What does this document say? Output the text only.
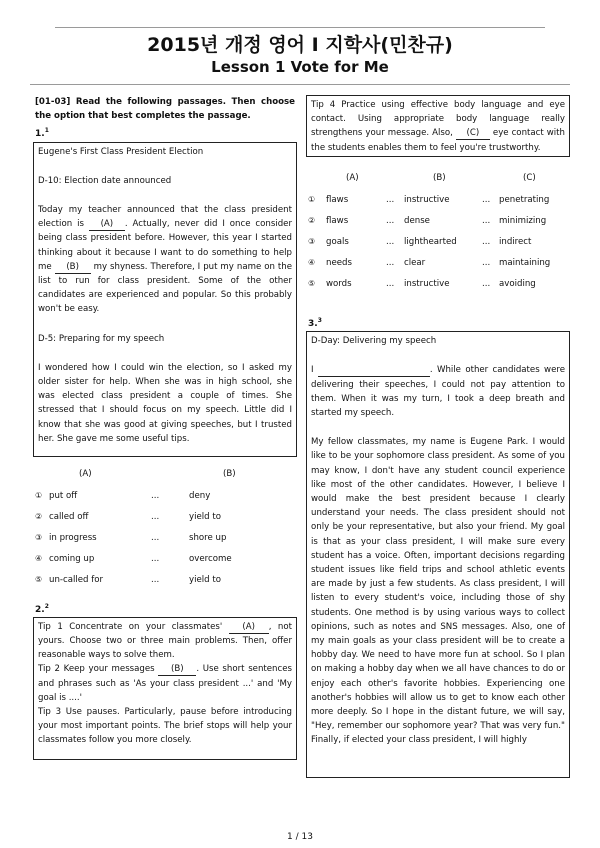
2015년 개정 영어 I 지학사(민찬규)
Lesson 1 Vote for Me
[01-03] Read the following passages. Then choose the option that best completes the passage.
1.$^1$

Eugene's First Class President Election

D-10: Election date announced

Today my teacher announced that the class president election is (A) . Actually, never did I once consider being class president before. However, this year I started thinking about it because I want to do something to help me (B) my shyness. Therefore, I put my name on the list to run for class president. Some of the other candidates are experienced and popular. So this probably won't be easy.

D-5: Preparing for my speech

I wondered how I could win the election, so I asked my older sister for help. When she was in high school, she was elected class president a couple of times. She stressed that I should focus on my speech. Little did I know that she was good at giving speeches, but I trusted her. She gave me some useful tips.

(A)	(B)
① put off	...	deny
② called off	...	yield to
③ in progress	...	shore up
④ coming up	...	overcome
⑤ un-called for	...	yield to
2.$^2$

Tip 1 Concentrate on your classmates' (A) , not yours. Choose two or three main problems. Then, offer reasonable ways to solve them.

Tip 2 Keep your messages (B) . Use short sentences and phrases such as 'As your class president ...' and 'My goal is ....'

Tip 3 Use pauses. Particularly, pause before introducing your most important points. The brief stops will help your classmates follow you more closely.

Tip 4 Practice using effective body language and eye contact. Using appropriate body language really strengthens your message. Also, (C) eye contact with the students enables them to feel you're trustworthy.

(A)	(B)	(C)
① flaws	... instructive	... penetrating
② flaws	... dense	... minimizing
③ goals	... lighthearted	... indirect
④ needs	... clear	... maintaining
⑤ words	... instructive	... avoiding
3.$^3$

D-Day: Delivering my speech

I	. While other candidates were delivering their speeches, I could not pay attention to them. When it was my turn, I took a deep breath and started my speech.

My fellow classmates, my name is Eugene Park. I would like to be your sophomore class president. As some of you may know, I don't have any student council experience like most of the other candidates. However, I believe I would make the best president because I clearly understand your needs. The class president should not only be your representative, but also your friend. My goal is that as your class president, I will make sure every student has a voice. Often, important decisions regarding student issues like field trips and school athletic events are made by just a few students. As class president, I will listen to every student's voice, including those of shy students. One method is by using various ways to collect opinions, such as notes and SNS messages. Also, one of my main goals as your class president will be to create a hobby day. We need to have more fun at school. So I plan on making a hobby day when we all have chances to do or enjoy each other's favorite hobbies. Experiencing one another's hobbies will allow us to get to know each other more deeply. So I hope in the distant future, we will say, "Hey, remember our sophomore year? That was very fun." Finally, if elected your class president, I will highly

1 / 13
